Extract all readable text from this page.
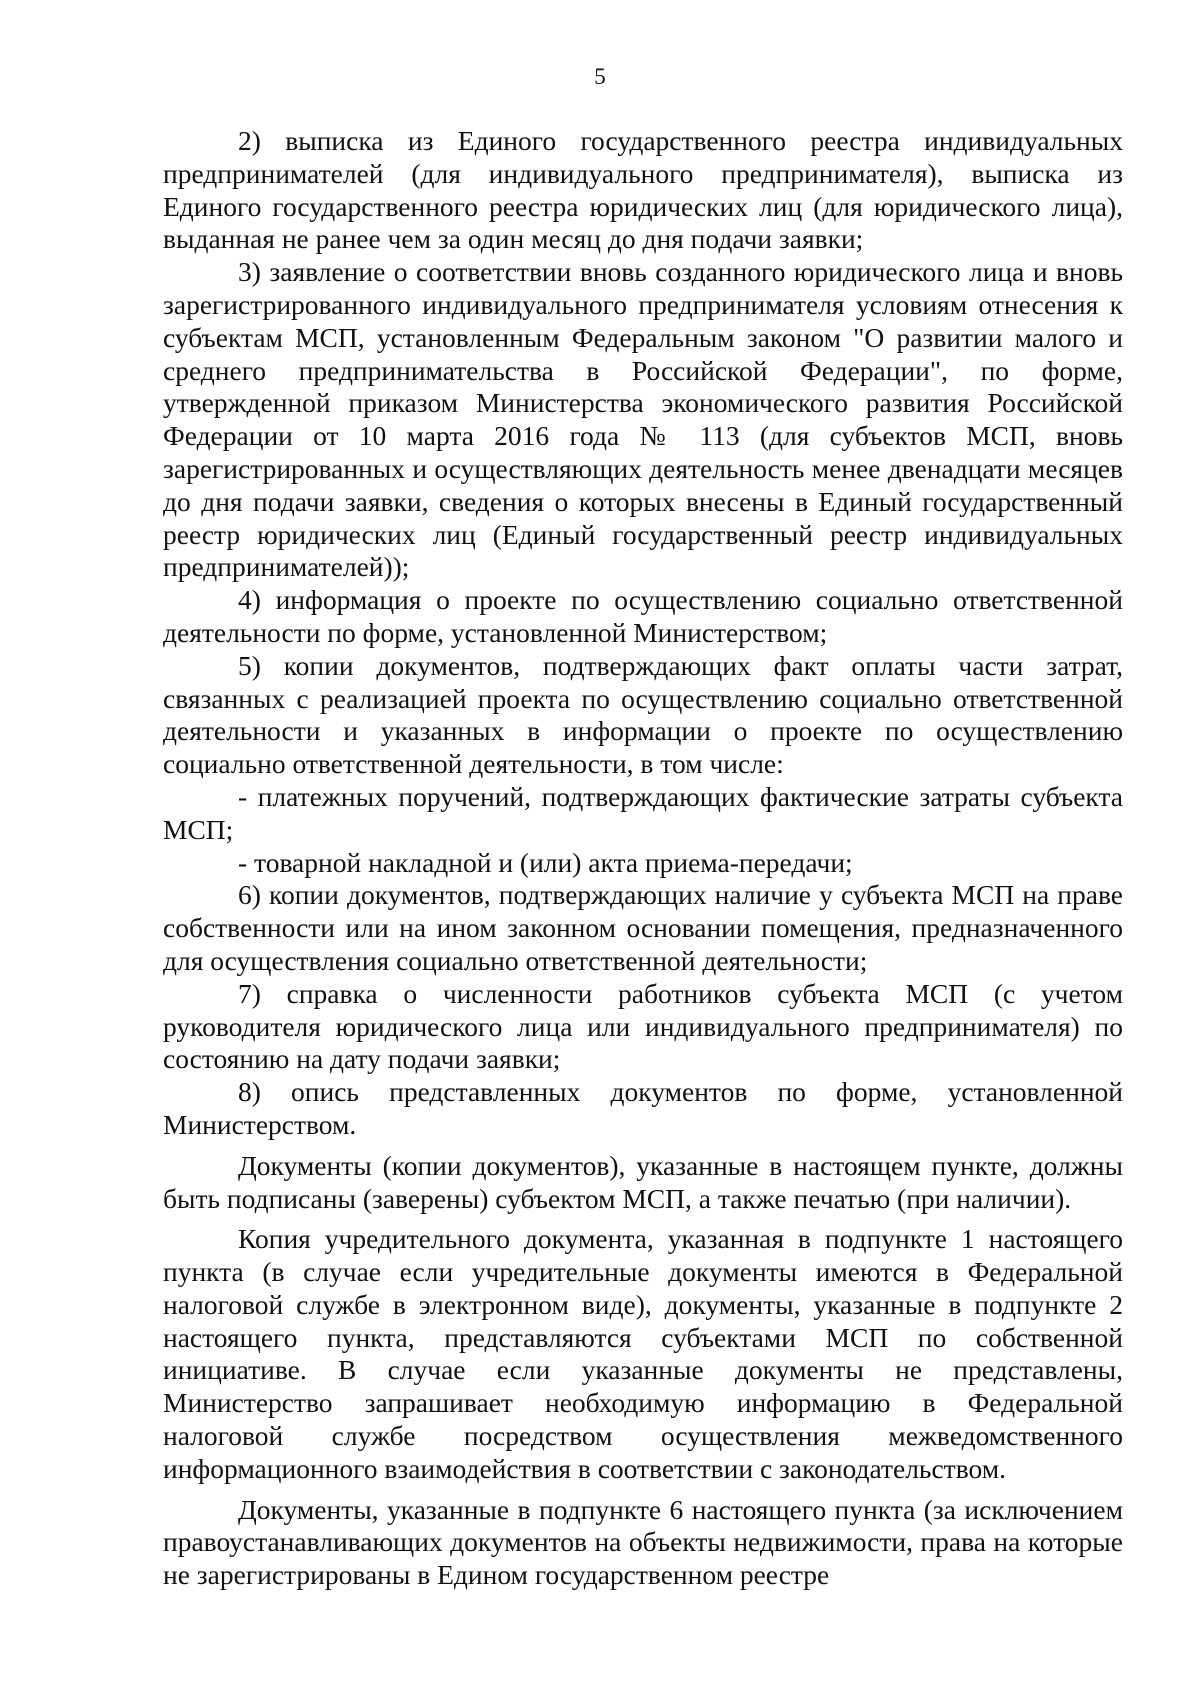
5

2) выписка из Единого государственного реестра индивидуальных предпринимателей (для индивидуального предпринимателя), выписка из Единого государственного реестра юридических лиц (для юридического лица), выданная не ранее чем за один месяц до дня подачи заявки;

3) заявление о соответствии вновь созданного юридического лица и вновь зарегистрированного индивидуального предпринимателя условиям отнесения к субъектам МСП, установленным Федеральным законом "О развитии малого и среднего предпринимательства в Российской Федерации", по форме, утвержденной приказом Министерства экономического развития Российской Федерации от 10 марта 2016 года № 113 (для субъектов МСП, вновь зарегистрированных и осуществляющих деятельность менее двенадцати месяцев до дня подачи заявки, сведения о которых внесены в Единый государственный реестр юридических лиц (Единый государственный реестр индивидуальных предпринимателей));

4) информация о проекте по осуществлению социально ответственной деятельности по форме, установленной Министерством;

5) копии документов, подтверждающих факт оплаты части затрат, связанных с реализацией проекта по осуществлению социально ответственной деятельности и указанных в информации о проекте по осуществлению социально ответственной деятельности, в том числе:

- платежных поручений, подтверждающих фактические затраты субъекта МСП;

- товарной накладной и (или) акта приема-передачи;

6) копии документов, подтверждающих наличие у субъекта МСП на праве собственности или на ином законном основании помещения, предназначенного для осуществления социально ответственной деятельности;

7) справка о численности работников субъекта МСП (с учетом руководителя юридического лица или индивидуального предпринимателя) по состоянию на дату подачи заявки;

8) опись представленных документов по форме, установленной Министерством.

Документы (копии документов), указанные в настоящем пункте, должны быть подписаны (заверены) субъектом МСП, а также печатью (при наличии).

Копия учредительного документа, указанная в подпункте 1 настоящего пункта (в случае если учредительные документы имеются в Федеральной налоговой службе в электронном виде), документы, указанные в подпункте 2 настоящего пункта, представляются субъектами МСП по собственной инициативе. В случае если указанные документы не представлены, Министерство запрашивает необходимую информацию в Федеральной налоговой службе посредством осуществления межведомственного информационного взаимодействия в соответствии с законодательством.

Документы, указанные в подпункте 6 настоящего пункта (за исключением правоустанавливающих документов на объекты недвижимости, права на которые не зарегистрированы в Едином государственном реестре
